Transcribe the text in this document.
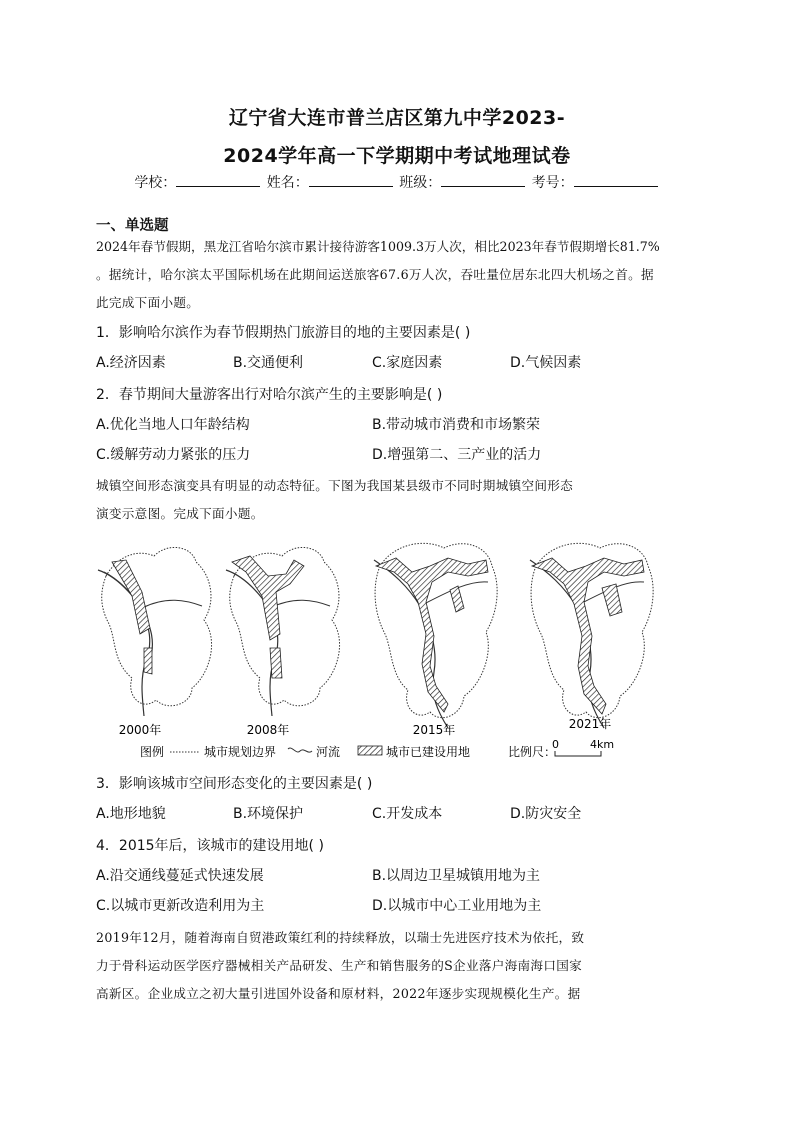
辽宁省大连市普兰店区第九中学2023-
2024学年高一下学期期中考试地理试卷
学校：	姓名：	班级：	考号：
一、单选题
2024年春节假期，黑龙江省哈尔滨市累计接待游客1009.3万人次，相比2023年春节假期增长81.7%
。据统计，哈尔滨太平国际机场在此期间运送旅客67.6万人次，吞吐量位居东北四大机场之首。据
此完成下面小题。
1．影响哈尔滨作为春节假期热门旅游目的地的主要因素是( )
A.经济因素	B.交通便利	C.家庭因素	D.气候因素
2．春节期间大量游客出行对哈尔滨产生的主要影响是( )
A.优化当地人口年龄结构	B.带动城市消费和市场繁荣
C.缓解劳动力紧张的压力	D.增强第二、三产业的活力
城镇空间形态演变具有明显的动态特征。下图为我国某县级市不同时期城镇空间形态
演变示意图。完成下面小题。
2000年	2008年	2015年	2021年
图例	城市规划边界	河流	城市已建设用地	比例尺：
0	4km
3．影响该城市空间形态变化的主要因素是( )
A.地形地貌	B.环境保护	C.开发成本	D.防灾安全
4．2015年后，该城市的建设用地( )
A.沿交通线蔓延式快速发展	B.以周边卫星城镇用地为主
C.以城市更新改造利用为主	D.以城市中心工业用地为主
2019年12月，随着海南自贸港政策红利的持续释放，以瑞士先进医疗技术为依托，致
力于骨科运动医学医疗器械相关产品研发、生产和销售服务的S企业落户海南海口国家
高新区。企业成立之初大量引进国外设备和原材料，2022年逐步实现规模化生产。据
